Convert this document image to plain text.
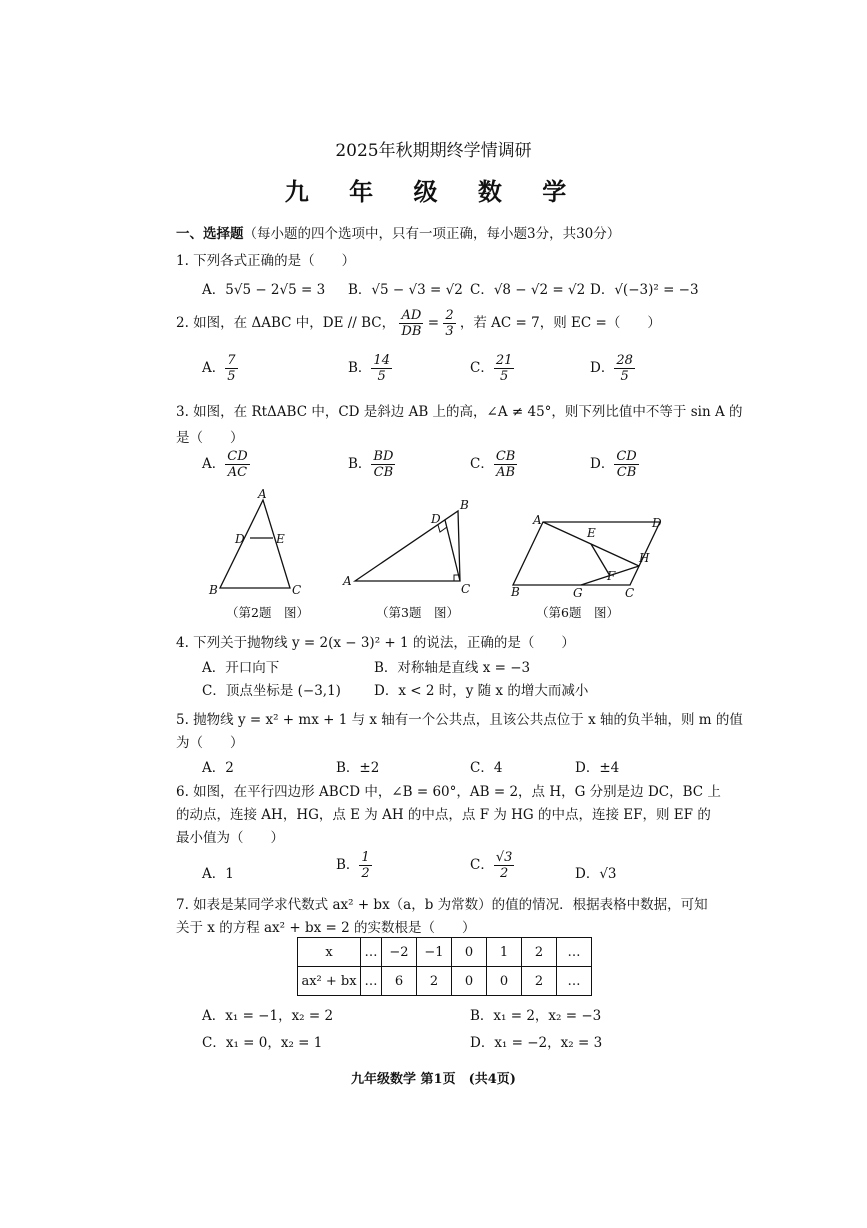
2025年秋期期终学情调研
九 年 级 数 学
一、选择题（每小题的四个选项中，只有一项正确，每小题3分，共30分）
1. 下列各式正确的是（　　）
A．5√5 − 2√5 = 3 B．√5 − √3 = √2 C．√8 − √2 = √2 D．√(−3)² = −3
2. 如图，在 ΔABC 中，DE // BC， $\frac{AD}{DB} = \frac{2}{3}$ ，若 AC = 7，则 EC =（　　）
A． $\frac{7}{5}$	B． $\frac{14}{5}$	C． $\frac{21}{5}$	D． $\frac{28}{5}$
3. 如图，在 RtΔABC 中，CD 是斜边 AB 上的高，∠A ≠ 45°，则下列比值中不等于 sin A 的
是（　　）
A． $\frac{CD}{AC}$	B． $\frac{BD}{CB}$	C． $\frac{CB}{AB}$	D． $\frac{CD}{CB}$
A
D	E
B	C
（第2题　图）
D
B
A
C
（第3题　图）
A
E
D
H
F
B	G	C
（第6题　图）
4. 下列关于抛物线 y = 2(x − 3)² + 1 的说法，正确的是（　　）
A．开口向下	B．对称轴是直线 x = −3
C．顶点坐标是 (−3,1) D．x < 2 时，y 随 x 的增大而减小
5. 抛物线 y = x² + mx + 1 与 x 轴有一个公共点，且该公共点位于 x 轴的负半轴，则 m 的值
为（　　）
A．2	B．±2	C．4	D．±4
6. 如图，在平行四边形 ABCD 中，∠B = 60°，AB = 2，点 H，G 分别是边 DC，BC 上
的动点，连接 AH，HG，点 E 为 AH 的中点，点 F 为 HG 的中点，连接 EF，则 EF 的
最小值为（　　）
A．1
B． $\frac{1}{2}$	C． $\frac{√3}{2}$	D．√3
7. 如表是某同学求代数式 ax² + bx（a，b 为常数）的值的情况．根据表格中数据，可知
关于 x 的方程 ax² + bx = 2 的实数根是（　　）
x	…	−2	−1	0	1	2	…
ax² + bx	…	6	2	0	0	2	…
A．x₁ = −1，x₂ = 2	B．x₁ = 2，x₂ = −3
C．x₁ = 0，x₂ = 1	D．x₁ = −2，x₂ = 3
九年级数学 第1页　(共4页)
